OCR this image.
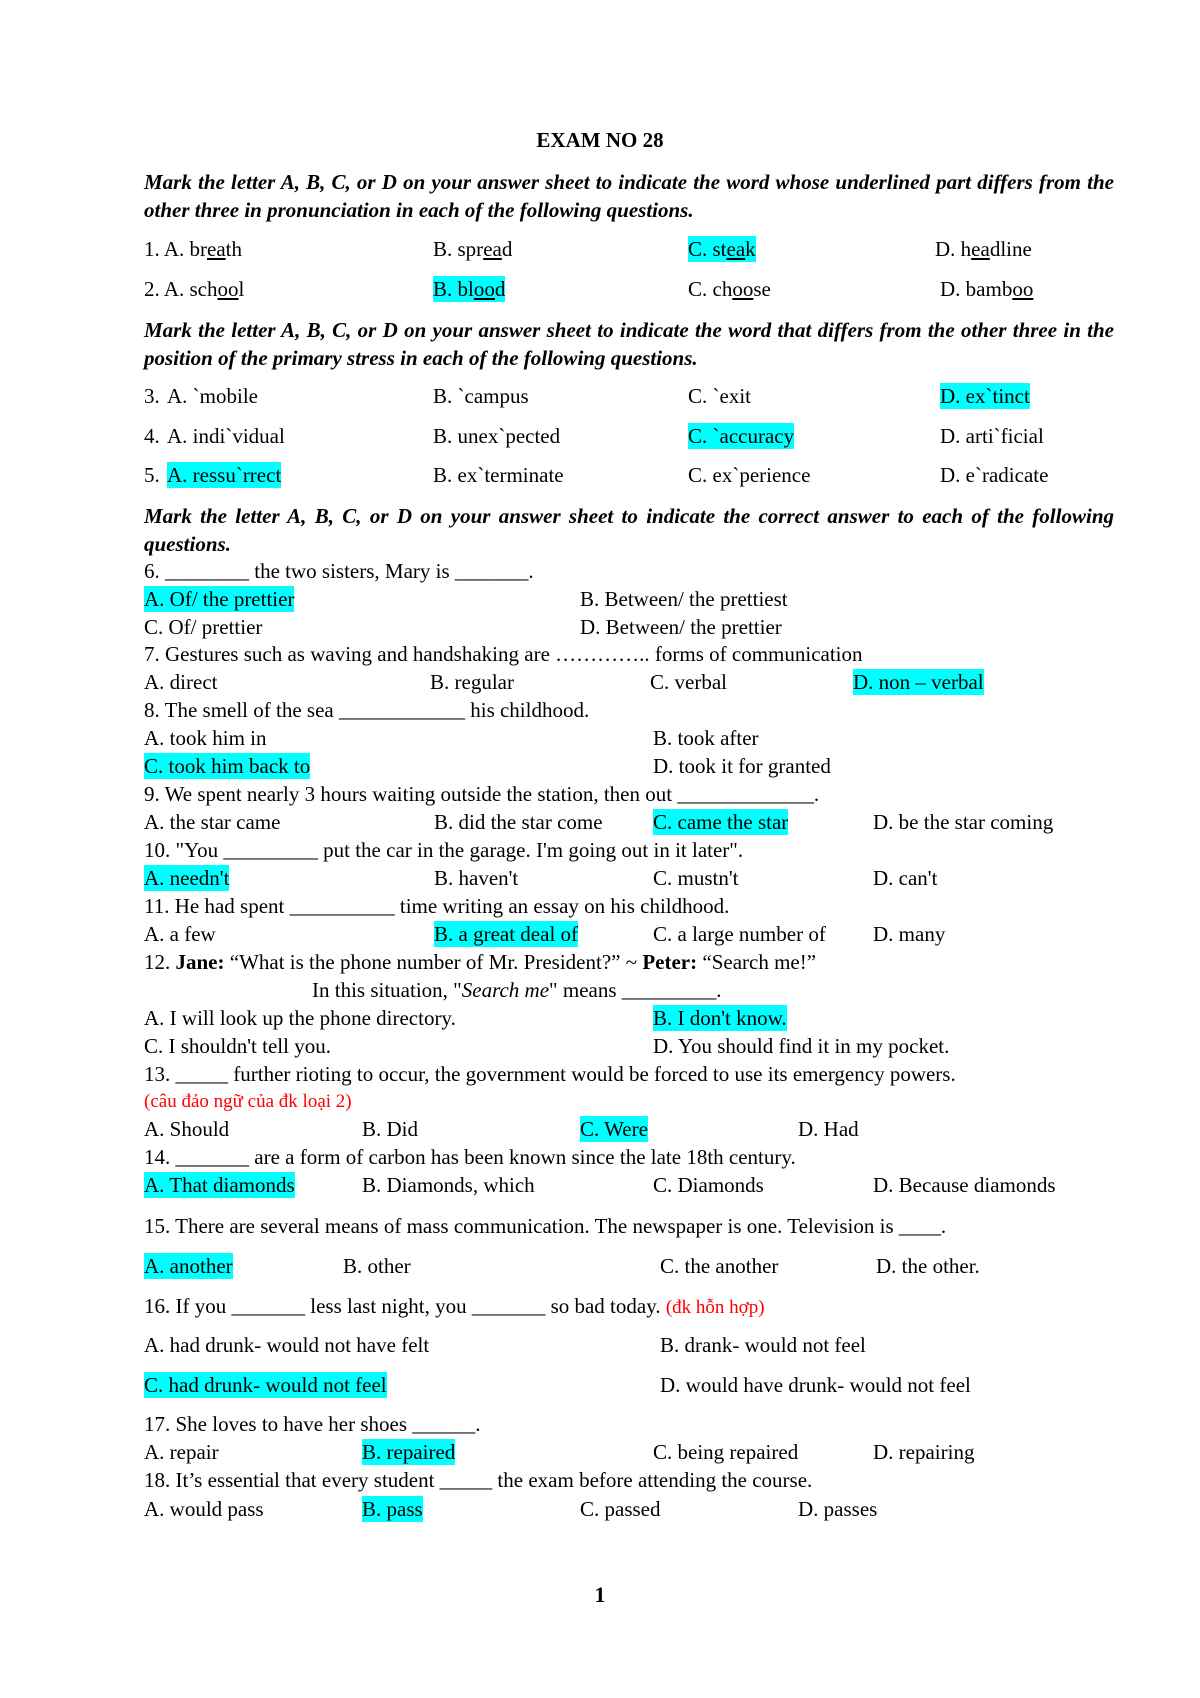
EXAM NO 28
Mark the letter A, B, C, or D on your answer sheet to indicate the word whose underlined part differs from the other three in pronunciation in each of the following questions.
1. A. breath	B. spread	C. steak	D. headline
2. A. school	B. blood	C. choose	D. bamboo
Mark the letter A, B, C, or D on your answer sheet to indicate the word that differs from the other three in the position of the primary stress in each of the following questions.
3. A. `mobile	B. `campus	C. `exit	D. ex`tinct
4. A. indi`vidual	B. unex`pected	C. `accuracy	D. arti`ficial
5. A. ressu`rrect	B. ex`terminate	C. ex`perience	D. e`radicate
Mark the letter A, B, C, or D on your answer sheet to indicate the correct answer to each of the following questions.
6. ________ the two sisters, Mary is _______.
A. Of/ the prettier	B. Between/ the prettiest
C. Of/ prettier	D. Between/ the prettier
7. Gestures such as waving and handshaking are ………….. forms of communication
A. direct	B. regular	C. verbal	D. non – verbal
8. The smell of the sea ____________ his childhood.
A. took him in	B. took after
C. took him back to	D. took it for granted
9. We spent nearly 3 hours waiting outside the station, then out _____________.
A. the star came	B. did the star come C. came the star	D. be the star coming
10. "You _________ put the car in the garage. I'm going out in it later".
A. needn't	B. haven't	C. mustn't	D. can't
11. He had spent __________ time writing an essay on his childhood.
A. a few	B. a great deal of	C. a large number of D. many
12. Jane: “What is the phone number of Mr. President?” ~ Peter: “Search me!”
In this situation, "Search me" means _________.
A. I will look up the phone directory.	B. I don't know.
C. I shouldn't tell you.	D. You should find it in my pocket.
13. _____ further rioting to occur, the government would be forced to use its emergency powers.
(câu đảo ngữ của đk loại 2)
A. Should	B. Did	C. Were	D. Had
14. _______ are a form of carbon has been known since the late 18th century.
A. That diamonds	B. Diamonds, which	C. Diamonds	D. Because diamonds
15. There are several means of mass communication. The newspaper is one. Television is ____.
A. another	B. other	C. the another	D. the other.
16. If you _______ less last night, you _______ so bad today. (đk hỗn hợp)
A. had drunk- would not have felt	B. drank- would not feel
C. had drunk- would not feel	D. would have drunk- would not feel
17. She loves to have her shoes ______.
A. repair	B. repaired	C. being repaired	D. repairing
18. It’s essential that every student _____ the exam before attending the course.
A. would pass	B. pass	C. passed	D. passes
1
